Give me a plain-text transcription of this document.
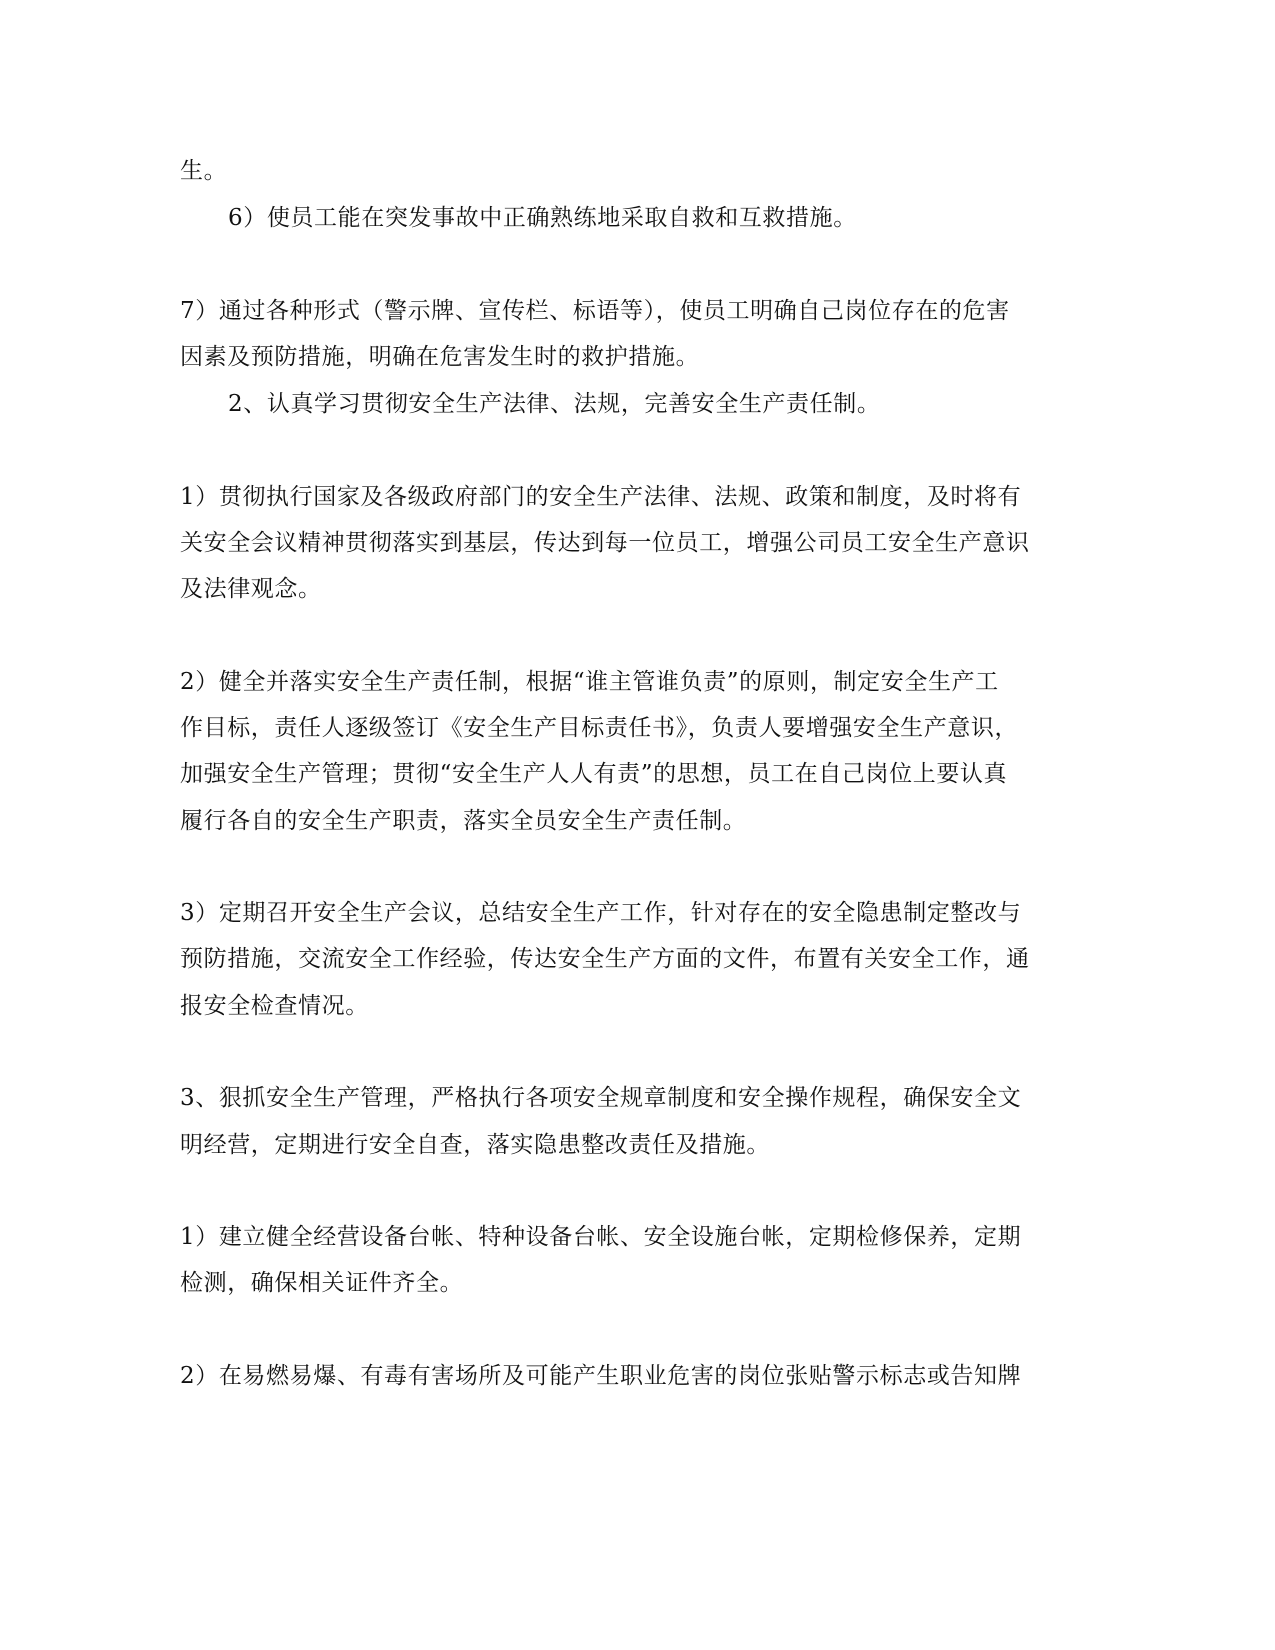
生。
6）使员工能在突发事故中正确熟练地采取自救和互救措施。
7）通过各种形式（警示牌、宣传栏、标语等），使员工明确自己岗位存在的危害
因素及预防措施，明确在危害发生时的救护措施。
2、认真学习贯彻安全生产法律、法规，完善安全生产责任制。
1）贯彻执行国家及各级政府部门的安全生产法律、法规、政策和制度，及时将有
关安全会议精神贯彻落实到基层，传达到每一位员工，增强公司员工安全生产意识
及法律观念。
2）健全并落实安全生产责任制，根据“谁主管谁负责”的原则，制定安全生产工
作目标，责任人逐级签订《安全生产目标责任书》，负责人要增强安全生产意识，
加强安全生产管理；贯彻“安全生产人人有责”的思想，员工在自己岗位上要认真
履行各自的安全生产职责，落实全员安全生产责任制。
3）定期召开安全生产会议，总结安全生产工作，针对存在的安全隐患制定整改与
预防措施，交流安全工作经验，传达安全生产方面的文件，布置有关安全工作，通
报安全检查情况。
3、狠抓安全生产管理，严格执行各项安全规章制度和安全操作规程，确保安全文
明经营，定期进行安全自查，落实隐患整改责任及措施。
1）建立健全经营设备台帐、特种设备台帐、安全设施台帐，定期检修保养，定期
检测，确保相关证件齐全。
2）在易燃易爆、有毒有害场所及可能产生职业危害的岗位张贴警示标志或告知牌
